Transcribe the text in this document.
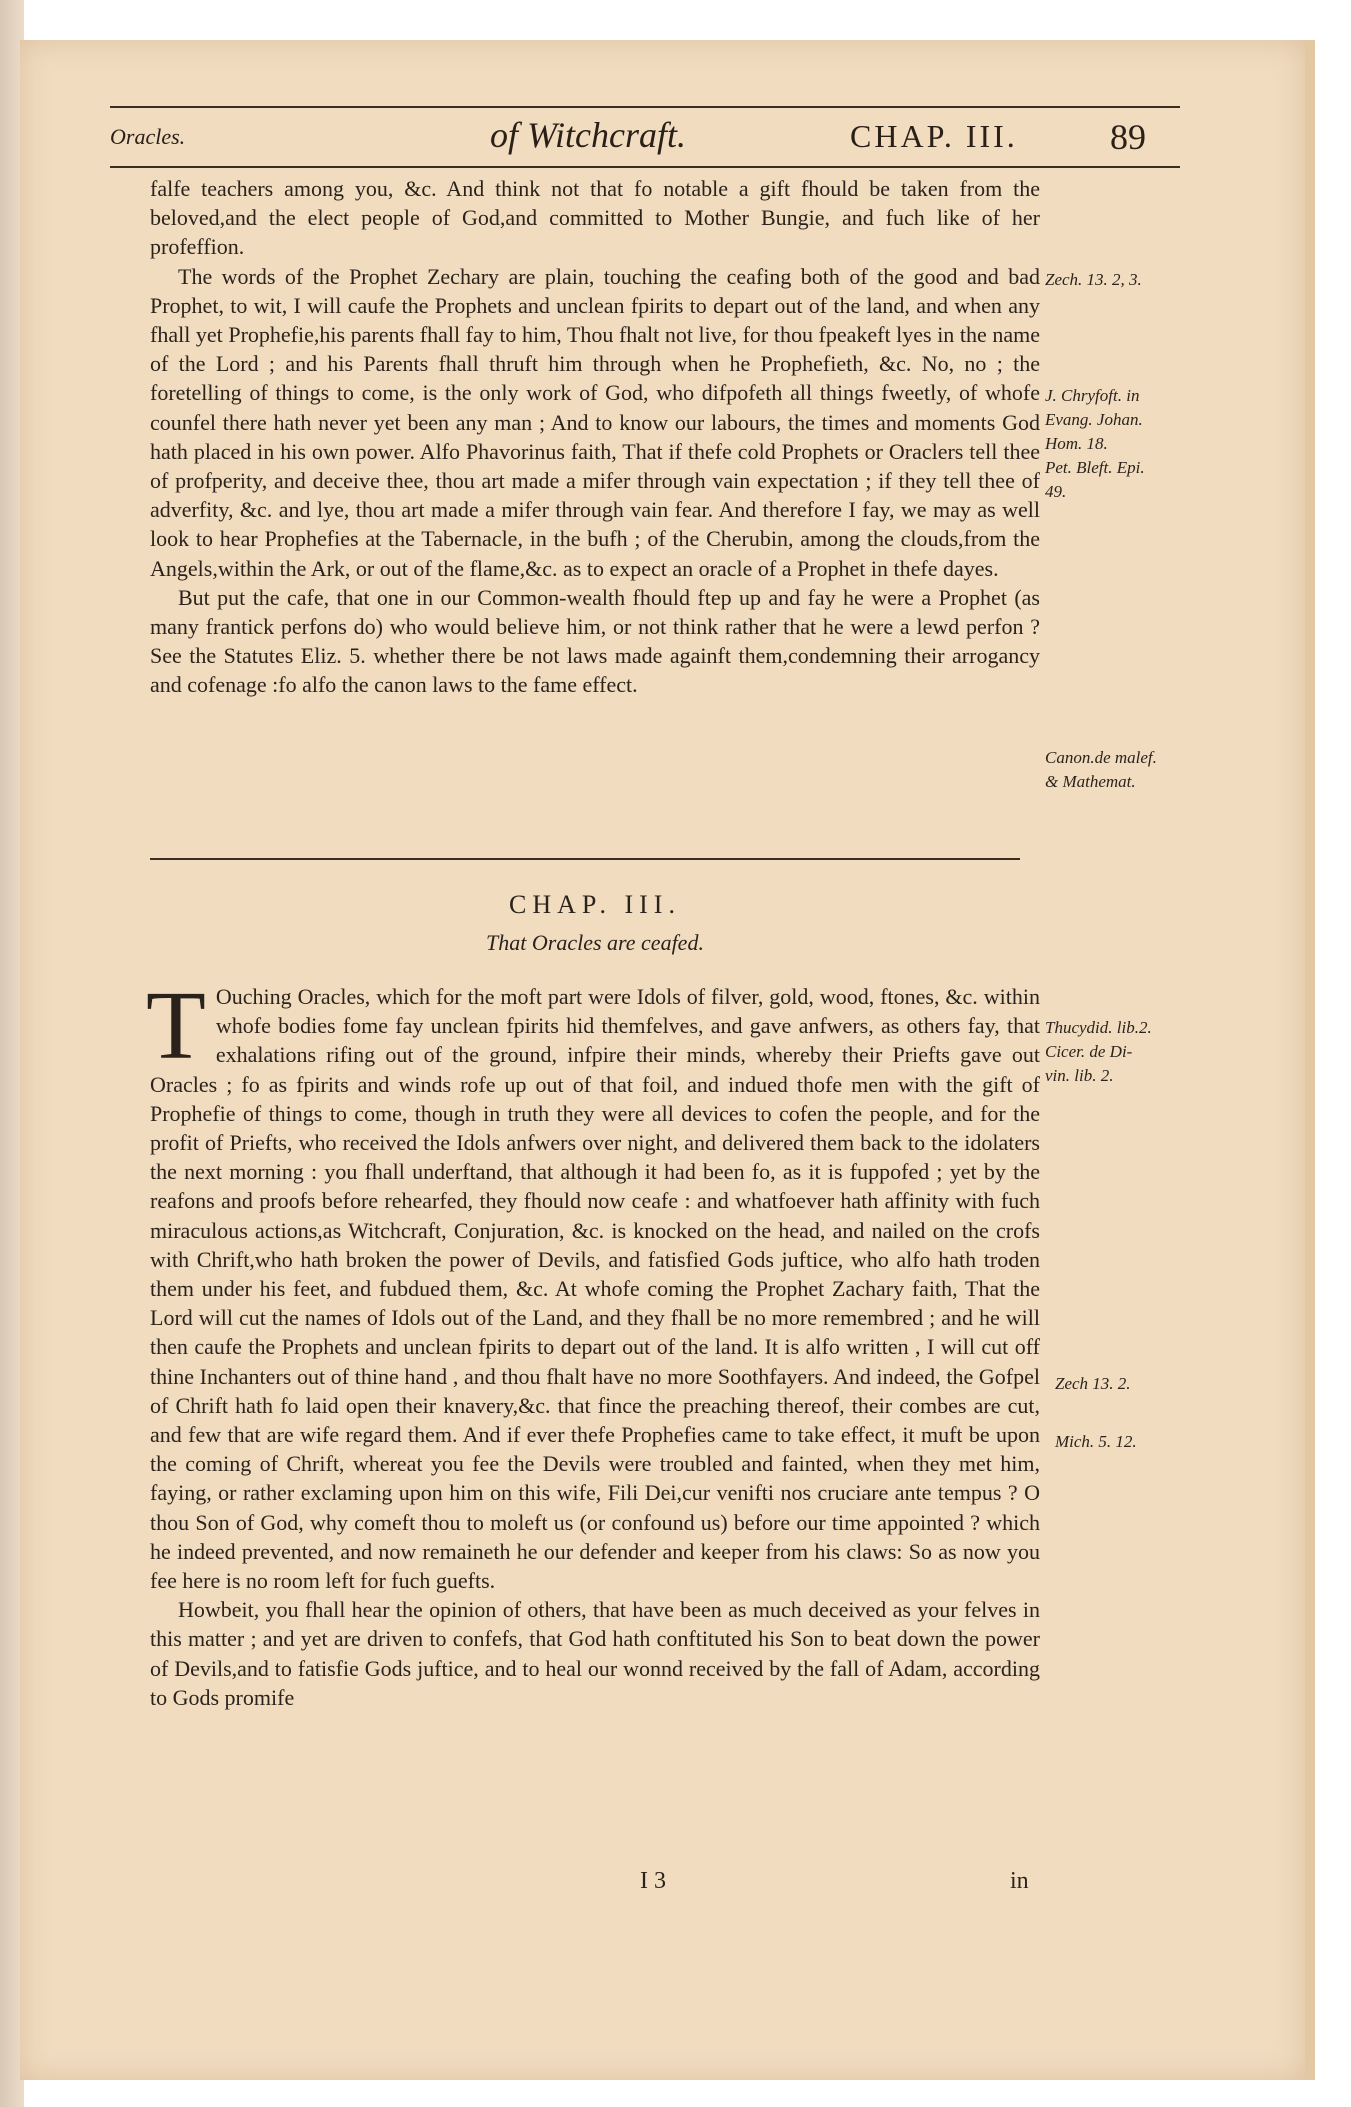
Oracles.	of Witchcraft.	CHAP. III.	89

falfe teachers among you, &c. And think not that fo notable a gift fhould be taken from the beloved,and the elect people of God,and committed to Mother Bungie, and fuch like of her profeffion.

The words of the Prophet Zechary are plain, touching the ceafing both of the good and bad Prophet, to wit, I will caufe the Prophets and unclean fpirits to depart out of the land, and when any fhall yet Prophefie,his parents fhall fay to him, Thou fhalt not live, for thou fpeakeft lyes in the name of the Lord ; and his Parents fhall thruft him through when he Prophefieth, &c. No, no ; the foretelling of things to come, is the only work of God, who difpofeth all things fweetly, of whofe counfel there hath never yet been any man ; And to know our labours, the times and moments God hath placed in his own power. Alfo Phavorinus faith, That if thefe cold Prophets or Oraclers tell thee of profperity, and deceive thee, thou art made a mifer through vain expectation ; if they tell thee of adverfity, &c. and lye, thou art made a mifer through vain fear. And therefore I fay, we may as well look to hear Prophefies at the Tabernacle, in the bufh ; of the Cherubin, among the clouds,from the Angels,within the Ark, or out of the flame,&c. as to expect an oracle of a Prophet in thefe dayes.

But put the cafe, that one in our Common-wealth fhould ftep up and fay he were a Prophet (as many frantick perfons do) who would believe him, or not think rather that he were a lewd perfon ? See the Statutes Eliz. 5. whether there be not laws made againft them,condemning their arrogancy and cofenage :fo alfo the canon laws to the fame effect.

Zech. 13. 2, 3.
J. Chryfoft. in
Evang. Johan.
Hom. 18.
Pet. Bleft. Epi.
49.
Canon.de malef.
& Mathemat.
CHAP. III.
That Oracles are ceafed.

T Ouching Oracles, which for the moft part were Idols of filver, gold, wood, ftones, &c. within whofe bodies fome fay unclean fpirits hid themfelves, and gave anfwers, as others fay, that exhalations rifing out of the ground, infpire their minds, whereby their Priefts gave out Oracles ; fo as fpirits and winds rofe up out of that foil, and indued thofe men with the gift of Prophefie of things to come, though in truth they were all devices to cofen the people, and for the profit of Priefts, who received the Idols anfwers over night, and delivered them back to the idolaters the next morning : you fhall underftand, that although it had been fo, as it is fuppofed ; yet by the reafons and proofs before rehearfed, they fhould now ceafe : and whatfoever hath affinity with fuch miraculous actions,as Witchcraft, Conjuration, &c. is knocked on the head, and nailed on the crofs with Chrift,who hath broken the power of Devils, and fatisfied Gods juftice, who alfo hath troden them under his feet, and fubdued them, &c. At whofe coming the Prophet Zachary faith, That the Lord will cut the names of Idols out of the Land, and they fhall be no more remembred ; and he will then caufe the Prophets and unclean fpirits to depart out of the land. It is alfo written , I will cut off thine Inchanters out of thine hand , and thou fhalt have no more Soothfayers. And indeed, the Gofpel of Chrift hath fo laid open their knavery,&c. that fince the preaching thereof, their combes are cut, and few that are wife regard them. And if ever thefe Prophefies came to take effect, it muft be upon the coming of Chrift, whereat you fee the Devils were troubled and fainted, when they met him, faying, or rather exclaming upon him on this wife, Fili Dei,cur venifti nos cruciare ante tempus ? O thou Son of God, why comeft thou to moleft us (or confound us) before our time appointed ? which he indeed prevented, and now remaineth he our defender and keeper from his claws: So as now you fee here is no room left for fuch guefts.

Howbeit, you fhall hear the opinion of others, that have been as much deceived as your felves in this matter ; and yet are driven to confefs, that God hath conftituted his Son to beat down the power of Devils,and to fatisfie Gods juftice, and to heal our wonnd received by the fall of Adam, according to Gods promife

Thucydid. lib.2.
Cicer. de Di-
vin. lib. 2.
Zech 13. 2.
Mich. 5. 12.
I 3	in
